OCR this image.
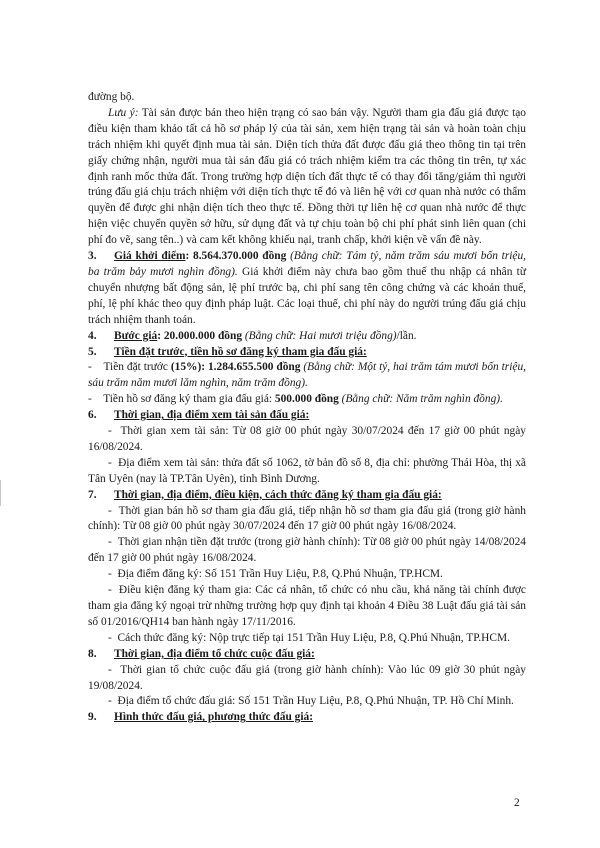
đường bộ.

Lưu ý: Tài sản được bán theo hiện trạng có sao bán vậy. Người tham gia đấu giá được tạo điều kiện tham khảo tất cả hồ sơ pháp lý của tài sản, xem hiện trạng tài sản và hoàn toàn chịu trách nhiệm khi quyết định mua tài sản. Diện tích thửa đất được đấu giá theo thông tin tại trên giấy chứng nhận, người mua tài sản đấu giá có trách nhiệm kiểm tra các thông tin trên, tự xác định ranh mốc thửa đất. Trong trường hợp diện tích đất thực tế có thay đổi tăng/giảm thì người trúng đấu giá chịu trách nhiệm với diện tích thực tế đó và liên hệ với cơ quan nhà nước có thẩm quyền để được ghi nhận diện tích theo thực tế. Đồng thời tự liên hệ cơ quan nhà nước để thực hiện việc chuyển quyền sở hữu, sử dụng đất và tự chịu toàn bộ chi phí phát sinh liên quan (chi phí đo vẽ, sang tên..) và cam kết không khiếu nại, tranh chấp, khởi kiện về vấn đề này.

3. Giá khởi điểm: 8.564.370.000 đồng (Bằng chữ: Tám tỷ, năm trăm sáu mươi bốn triệu, ba trăm bảy mươi nghìn đồng). Giá khởi điểm này chưa bao gồm thuế thu nhập cá nhân từ chuyển nhượng bất động sản, lệ phí trước bạ, chi phí sang tên công chứng và các khoản thuế, phí, lệ phí khác theo quy định pháp luật. Các loại thuế, chi phí này do người trúng đấu giá chịu trách nhiệm thanh toán.

4. Bước giá: 20.000.000 đồng (Bằng chữ: Hai mươi triệu đồng)/lần.

5. Tiền đặt trước, tiền hồ sơ đăng ký tham gia đấu giá:

- Tiền đặt trước (15%): 1.284.655.500 đồng (Bằng chữ: Một tỷ, hai trăm tám mươi bốn triệu, sáu trăm năm mươi lăm nghìn, năm trăm đồng).

- Tiền hồ sơ đăng ký tham gia đấu giá: 500.000 đồng (Bằng chữ: Năm trăm nghìn đồng).

6. Thời gian, địa điểm xem tài sản đấu giá:

- Thời gian xem tài sản: Từ 08 giờ 00 phút ngày 30/07/2024 đến 17 giờ 00 phút ngày 16/08/2024.

- Địa điểm xem tài sản: thửa đất số 1062, tờ bản đồ số 8, địa chỉ: phường Thái Hòa, thị xã Tân Uyên (nay là TP.Tân Uyên), tỉnh Bình Dương.

7. Thời gian, địa điểm, điều kiện, cách thức đăng ký tham gia đấu giá:

- Thời gian bán hồ sơ tham gia đấu giá, tiếp nhận hồ sơ tham gia đấu giá (trong giờ hành chính): Từ 08 giờ 00 phút ngày 30/07/2024 đến 17 giờ 00 phút ngày 16/08/2024.

- Thời gian nhận tiền đặt trước (trong giờ hành chính): Từ 08 giờ 00 phút ngày 14/08/2024 đến 17 giờ 00 phút ngày 16/08/2024.

- Địa điểm đăng ký: Số 151 Trần Huy Liệu, P.8, Q.Phú Nhuận, TP.HCM.

- Điều kiện đăng ký tham gia: Các cá nhân, tổ chức có nhu cầu, khả năng tài chính được tham gia đăng ký ngoại trừ những trường hợp quy định tại khoản 4 Điều 38 Luật đấu giá tài sản số 01/2016/QH14 ban hành ngày 17/11/2016.

- Cách thức đăng ký: Nộp trực tiếp tại 151 Trần Huy Liệu, P.8, Q.Phú Nhuận, TP.HCM.

8. Thời gian, địa điểm tổ chức cuộc đấu giá:

- Thời gian tổ chức cuộc đấu giá (trong giờ hành chính): Vào lúc 09 giờ 30 phút ngày 19/08/2024.

- Địa điểm tổ chức đấu giá: Số 151 Trần Huy Liệu, P.8, Q.Phú Nhuận, TP. Hồ Chí Minh.

9. Hình thức đấu giá, phương thức đấu giá:

2
